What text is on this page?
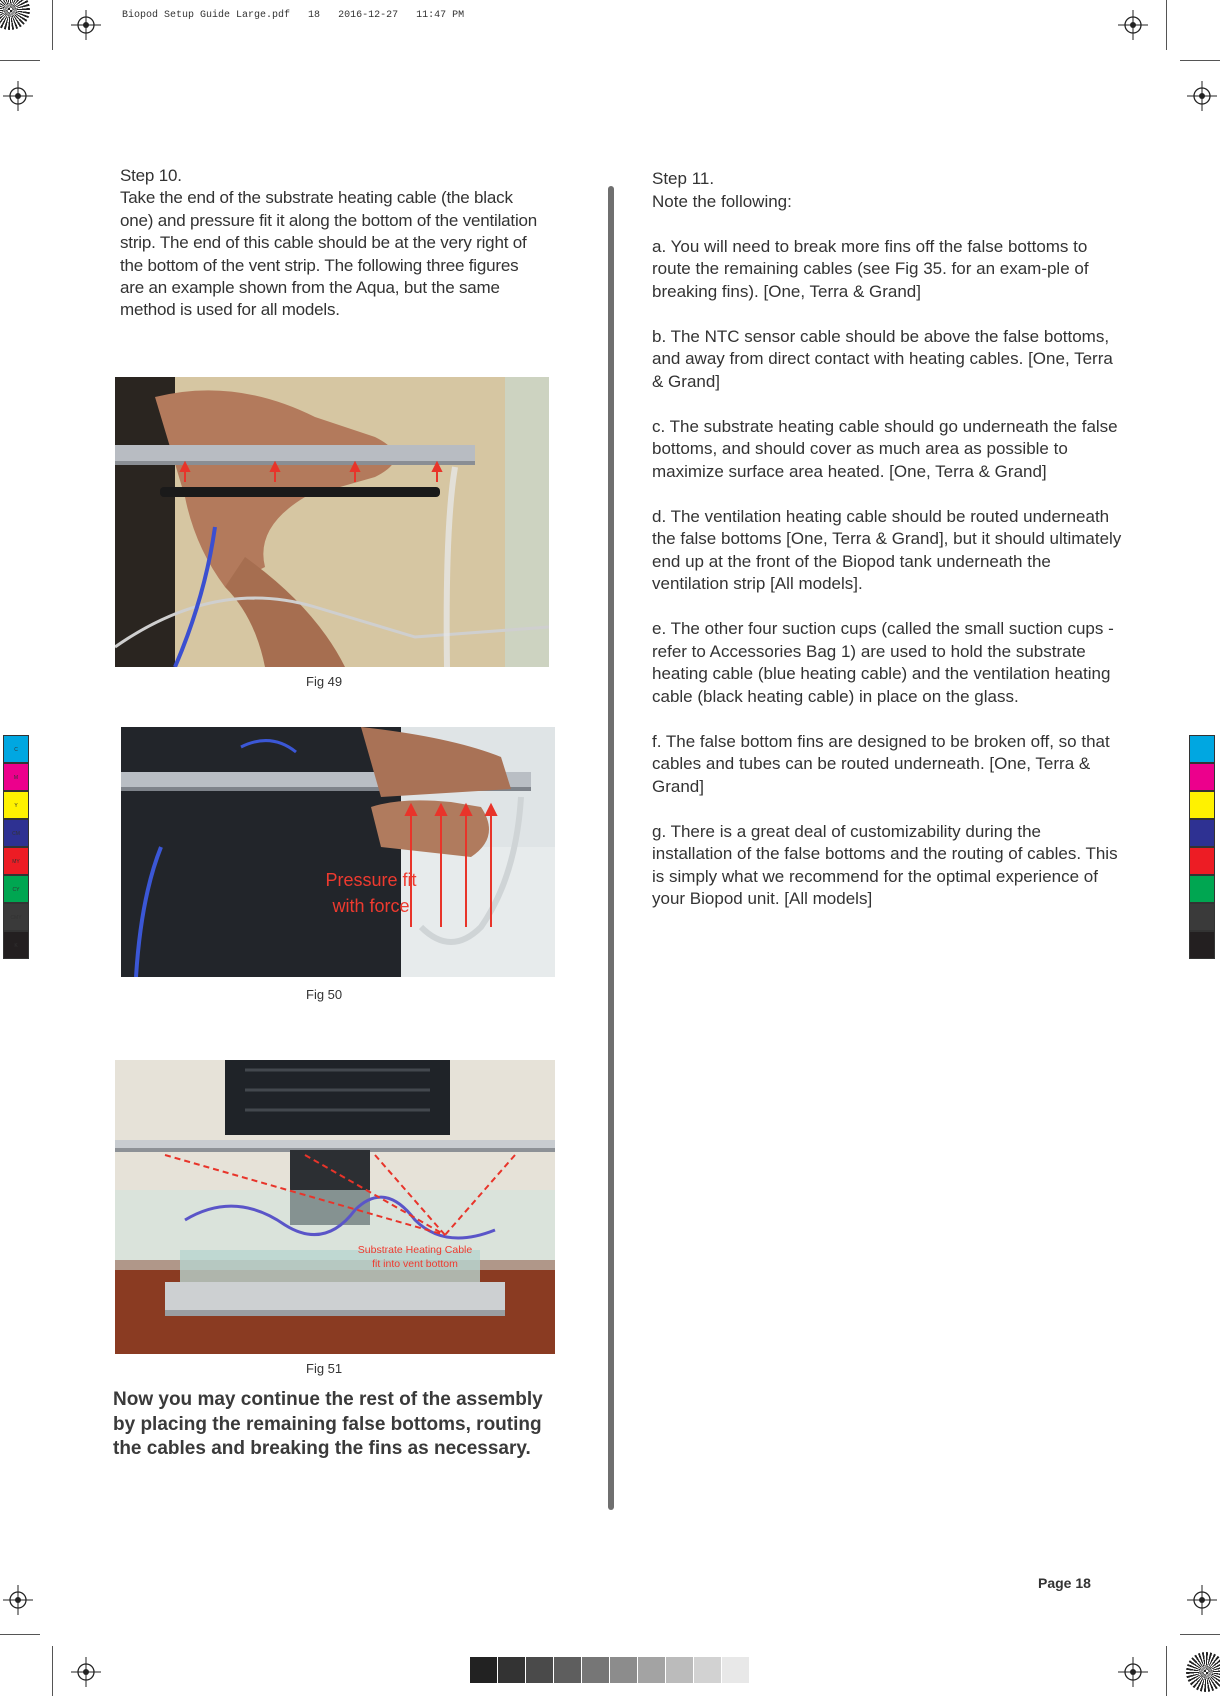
Biopod Setup Guide Large.pdf 18 2016-12-27 11:47 PM
C
M
Y
CM
MY
CY
CMY
K
Step 10.
Take the end of the substrate heating cable (the black one) and pressure fit it along the bottom of the ventilation strip. The end of this cable should be at the very right of the bottom of the vent strip. The following three figures are an example shown from the Aqua, but the same method is used for all models.
Fig 49
Pressure fit
with force
Fig 50
Substrate Heating Cable
fit into vent bottom
Fig 51
Now you may continue the rest of the assembly by placing the remaining false bottoms, routing the cables and breaking the fins as necessary.
Step 11.

Note the following:

a. You will need to break more fins off the false bottoms to route the remaining cables (see Fig 35. for an exam-ple of breaking fins). [One, Terra & Grand]

b. The NTC sensor cable should be above the false bottoms, and away from direct contact with heating cables. [One, Terra & Grand]

c. The substrate heating cable should go underneath the false bottoms, and should cover as much area as possible to maximize surface area heated. [One, Terra & Grand]

d. The ventilation heating cable should be routed underneath the false bottoms [One, Terra & Grand], but it should ultimately end up at the front of the Biopod tank underneath the ventilation strip [All models].

e. The other four suction cups (called the small suction cups - refer to Accessories Bag 1) are used to hold the substrate heating cable (blue heating cable) and the ventilation heating cable (black heating cable) in place on the glass.

f. The false bottom fins are designed to be broken off, so that cables and tubes can be routed underneath. [One, Terra & Grand]

g. There is a great deal of customizability during the installation of the false bottoms and the routing of cables. This is simply what we recommend for the optimal experience of your Biopod unit. [All models]

Page 18
